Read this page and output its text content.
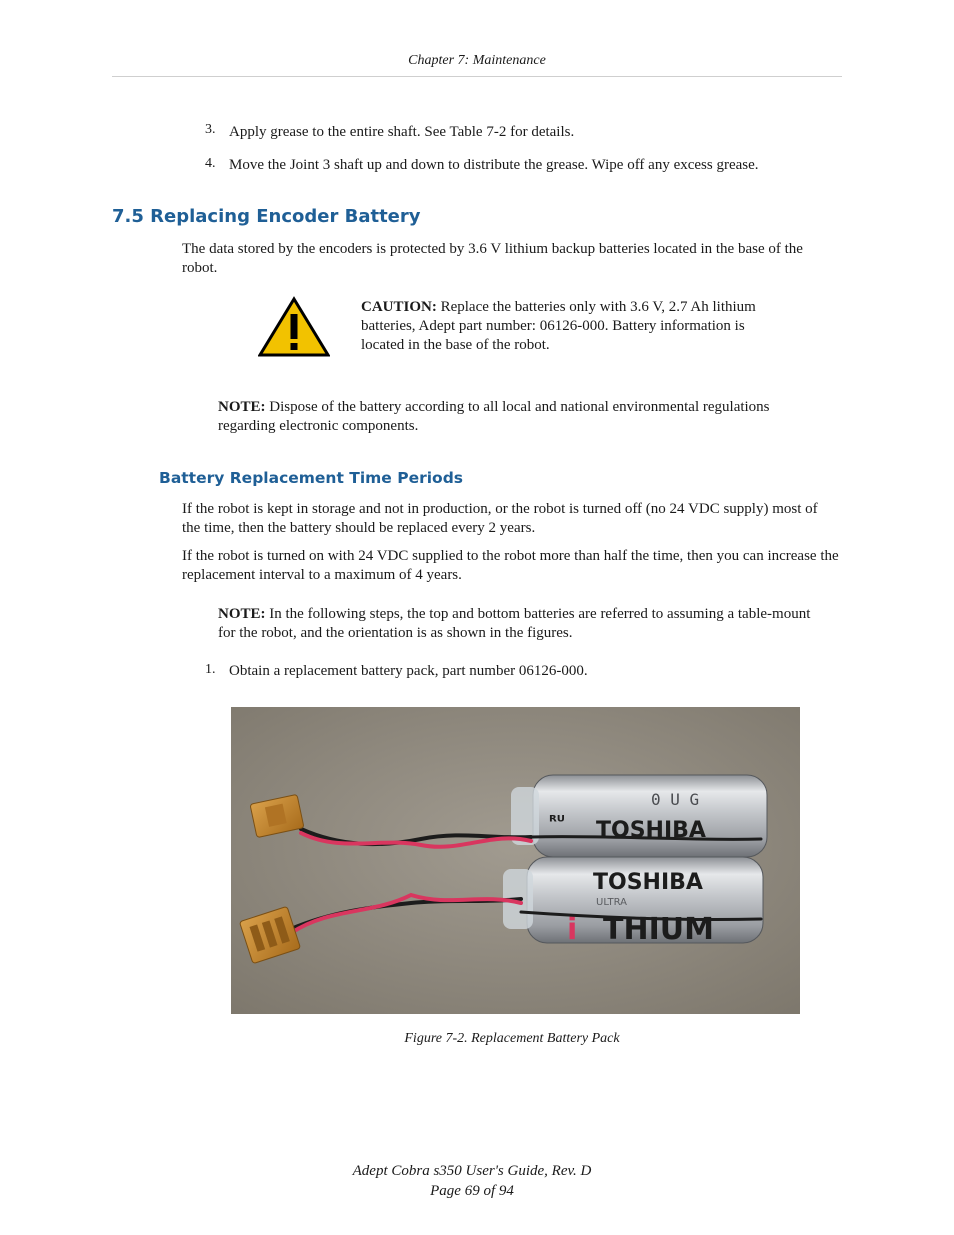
Chapter 7: Maintenance
3. Apply grease to the entire shaft. See Table 7-2 for details.
4. Move the Joint 3 shaft up and down to distribute the grease. Wipe off any excess grease.
7.5 Replacing Encoder Battery
The data stored by the encoders is protected by 3.6 V lithium backup batteries located in the base of the robot.
CAUTION: Replace the batteries only with 3.6 V, 2.7 Ah lithium batteries, Adept part number: 06126-000. Battery information is located in the base of the robot.
NOTE: Dispose of the battery according to all local and national environmental regulations regarding electronic components.
Battery Replacement Time Periods
If the robot is kept in storage and not in production, or the robot is turned off (no 24 VDC supply) most of the time, then the battery should be replaced every 2 years.
If the robot is turned on with 24 VDC supplied to the robot more than half the time, then you can increase the replacement interval to a maximum of 4 years.
NOTE: In the following steps, the top and bottom batteries are referred to assuming a table-mount for the robot, and the orientation is as shown in the figures.
1. Obtain a replacement battery pack, part number 06126-000.
0 U G
TOSHIBA
ᴿᵁ
TOSHIBA
ULTRA
THIUM
i
Figure 7-2. Replacement Battery Pack
Adept Cobra s350 User's Guide, Rev. D
Page 69 of 94
